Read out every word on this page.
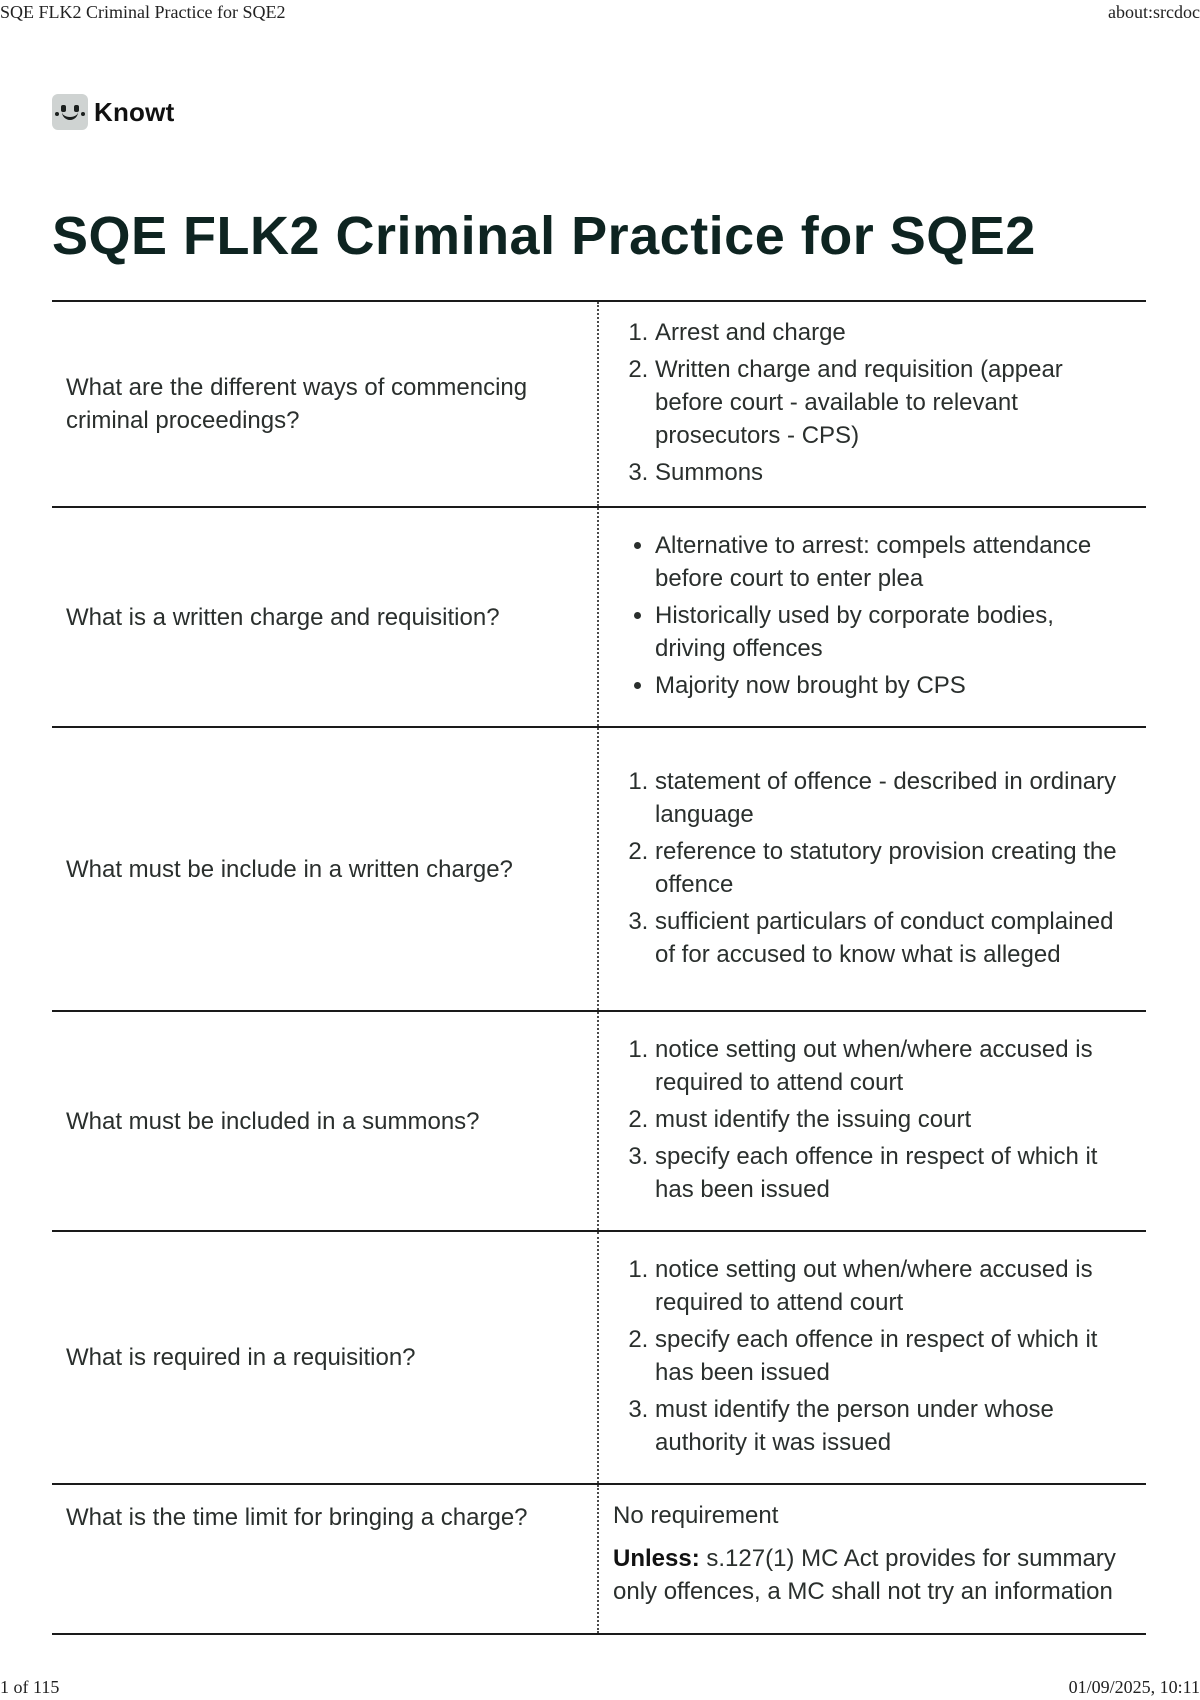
SQE FLK2 Criminal Practice for SQE2	about:srcdoc
Knowt
SQE FLK2 Criminal Practice for SQE2
What are the different ways of commencing criminal proceedings?
1. Arrest and charge
2. Written charge and requisition (appear before court - available to relevant prosecutors - CPS)
3. Summons
What is a written charge and requisition?
• Alternative to arrest: compels attendance before court to enter plea
• Historically used by corporate bodies, driving offences
• Majority now brought by CPS
What must be include in a written charge?
1. statement of offence - described in ordinary language
2. reference to statutory provision creating the offence
3. sufficient particulars of conduct complained of for accused to know what is alleged
What must be included in a summons?
1. notice setting out when/where accused is required to attend court
2. must identify the issuing court
3. specify each offence in respect of which it has been issued
What is required in a requisition?
1. notice setting out when/where accused is required to attend court
2. specify each offence in respect of which it has been issued
3. must identify the person under whose authority it was issued
What is the time limit for bringing a charge?	No requirement

Unless: s.127(1) MC Act provides for summary only offences, a MC shall not try an information

1 of 115	01/09/2025, 10:11
